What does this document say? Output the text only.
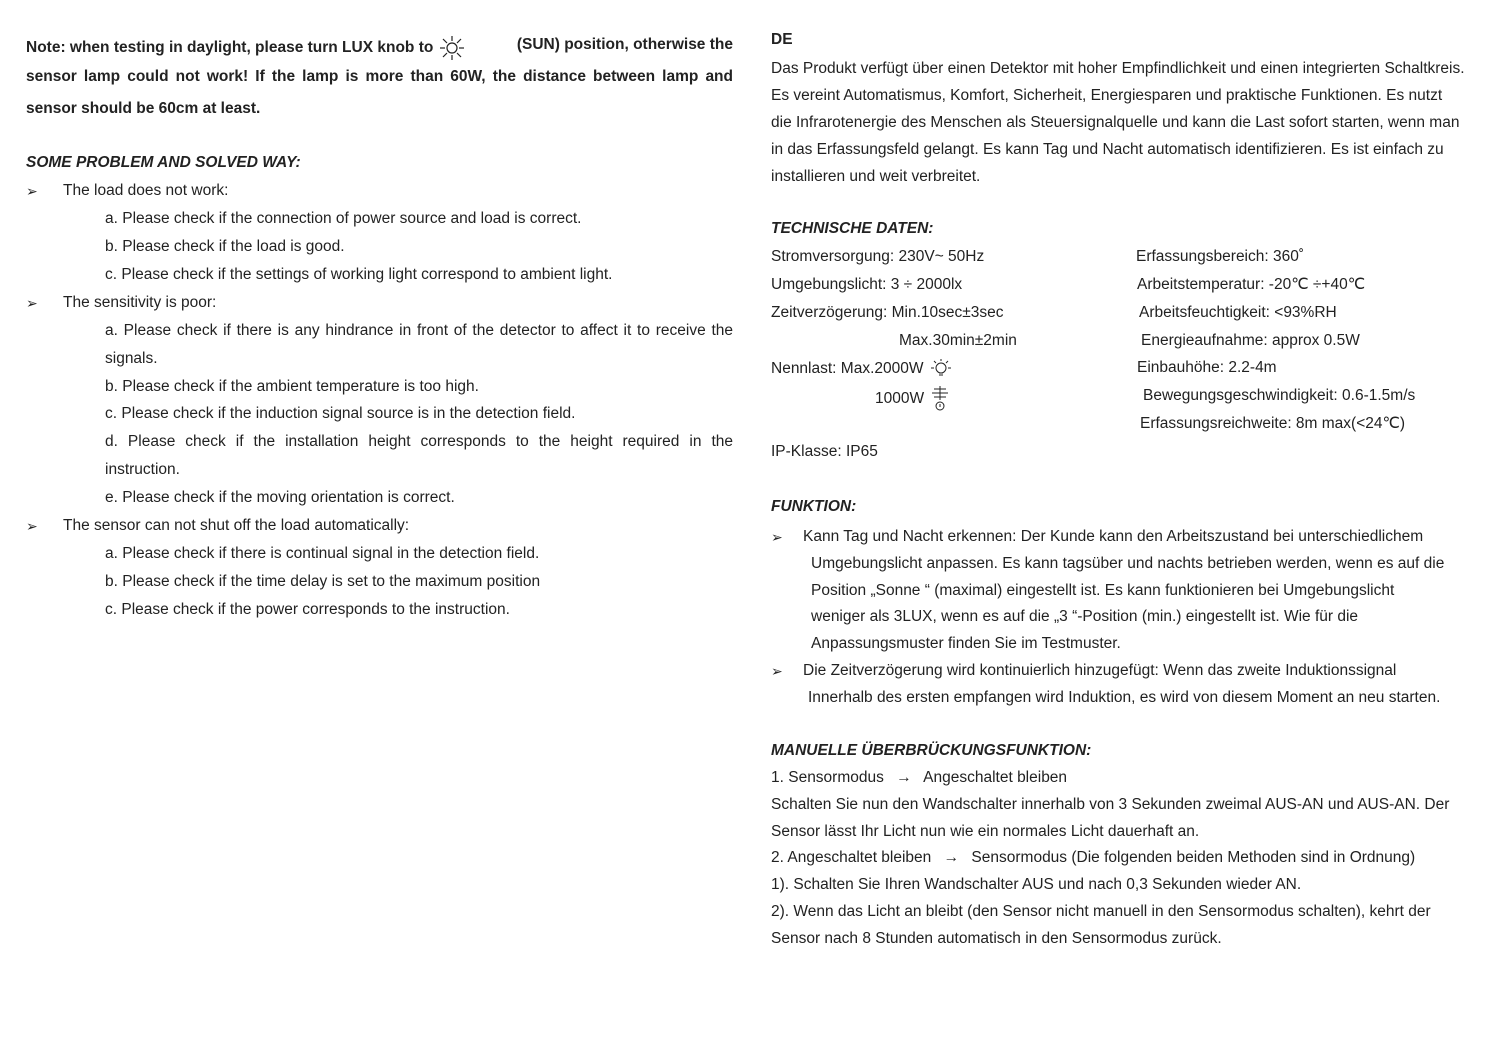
Note: when testing in daylight, please turn LUX knob to	(SUN) position, otherwise the
sensor lamp could not work! If the lamp is more than 60W, the distance between lamp and
sensor should be 60cm at least.
SOME PROBLEM AND SOLVED WAY:
➢ The load does not work:
a. Please check if the connection of power source and load is correct.
b. Please check if the load is good.
c. Please check if the settings of working light correspond to ambient light.
➢ The sensitivity is poor:
a. Please check if there is any hindrance in front of the detector to affect it to receive the
signals.
b. Please check if the ambient temperature is too high.
c. Please check if the induction signal source is in the detection field.
d. Please check if the installation height corresponds to the height required in the
instruction.
e. Please check if the moving orientation is correct.
➢ The sensor can not shut off the load automatically:
a. Please check if there is continual signal in the detection field.
b. Please check if the time delay is set to the maximum position
c. Please check if the power corresponds to the instruction.
DE
Das Produkt verfügt über einen Detektor mit hoher Empfindlichkeit und einen integrierten Schaltkreis.
Es vereint Automatismus, Komfort, Sicherheit, Energiesparen und praktische Funktionen. Es nutzt
die Infrarotenergie des Menschen als Steuersignalquelle und kann die Last sofort starten, wenn man
in das Erfassungsfeld gelangt. Es kann Tag und Nacht automatisch identifizieren. Es ist einfach zu
installieren und weit verbreitet.
TECHNISCHE DATEN:
Stromversorgung: 230V~ 50Hz
Umgebungslicht: 3 ÷ 2000lx
Zeitverzögerung: Min.10sec±3sec
Max.30min±2min
Nennlast: Max.2000W
1000W
IP-Klasse: IP65
Erfassungsbereich: 360˚
Arbeitstemperatur: -20℃ ÷+40℃
Arbeitsfeuchtigkeit: <93%RH
Energieaufnahme: approx 0.5W
Einbauhöhe: 2.2-4m
Bewegungsgeschwindigkeit: 0.6-1.5m/s
Erfassungsreichweite: 8m max(<24℃)
FUNKTION:
➢ Kann Tag und Nacht erkennen: Der Kunde kann den Arbeitszustand bei unterschiedlichem
Umgebungslicht anpassen. Es kann tagsüber und nachts betrieben werden, wenn es auf die
Position „Sonne “ (maximal) eingestellt ist. Es kann funktionieren bei Umgebungslicht
weniger als 3LUX, wenn es auf die „3 “-Position (min.) eingestellt ist. Wie für die
Anpassungsmuster finden Sie im Testmuster.
➢ Die Zeitverzögerung wird kontinuierlich hinzugefügt: Wenn das zweite Induktionssignal
Innerhalb des ersten empfangen wird Induktion, es wird von diesem Moment an neu starten.
MANUELLE ÜBERBRÜCKUNGSFUNKTION:
1. Sensormodus → Angeschaltet bleiben
Schalten Sie nun den Wandschalter innerhalb von 3 Sekunden zweimal AUS-AN und AUS-AN. Der
Sensor lässt Ihr Licht nun wie ein normales Licht dauerhaft an.
2. Angeschaltet bleiben → Sensormodus (Die folgenden beiden Methoden sind in Ordnung)
1). Schalten Sie Ihren Wandschalter AUS und nach 0,3 Sekunden wieder AN.
2). Wenn das Licht an bleibt (den Sensor nicht manuell in den Sensormodus schalten), kehrt der
Sensor nach 8 Stunden automatisch in den Sensormodus zurück.
